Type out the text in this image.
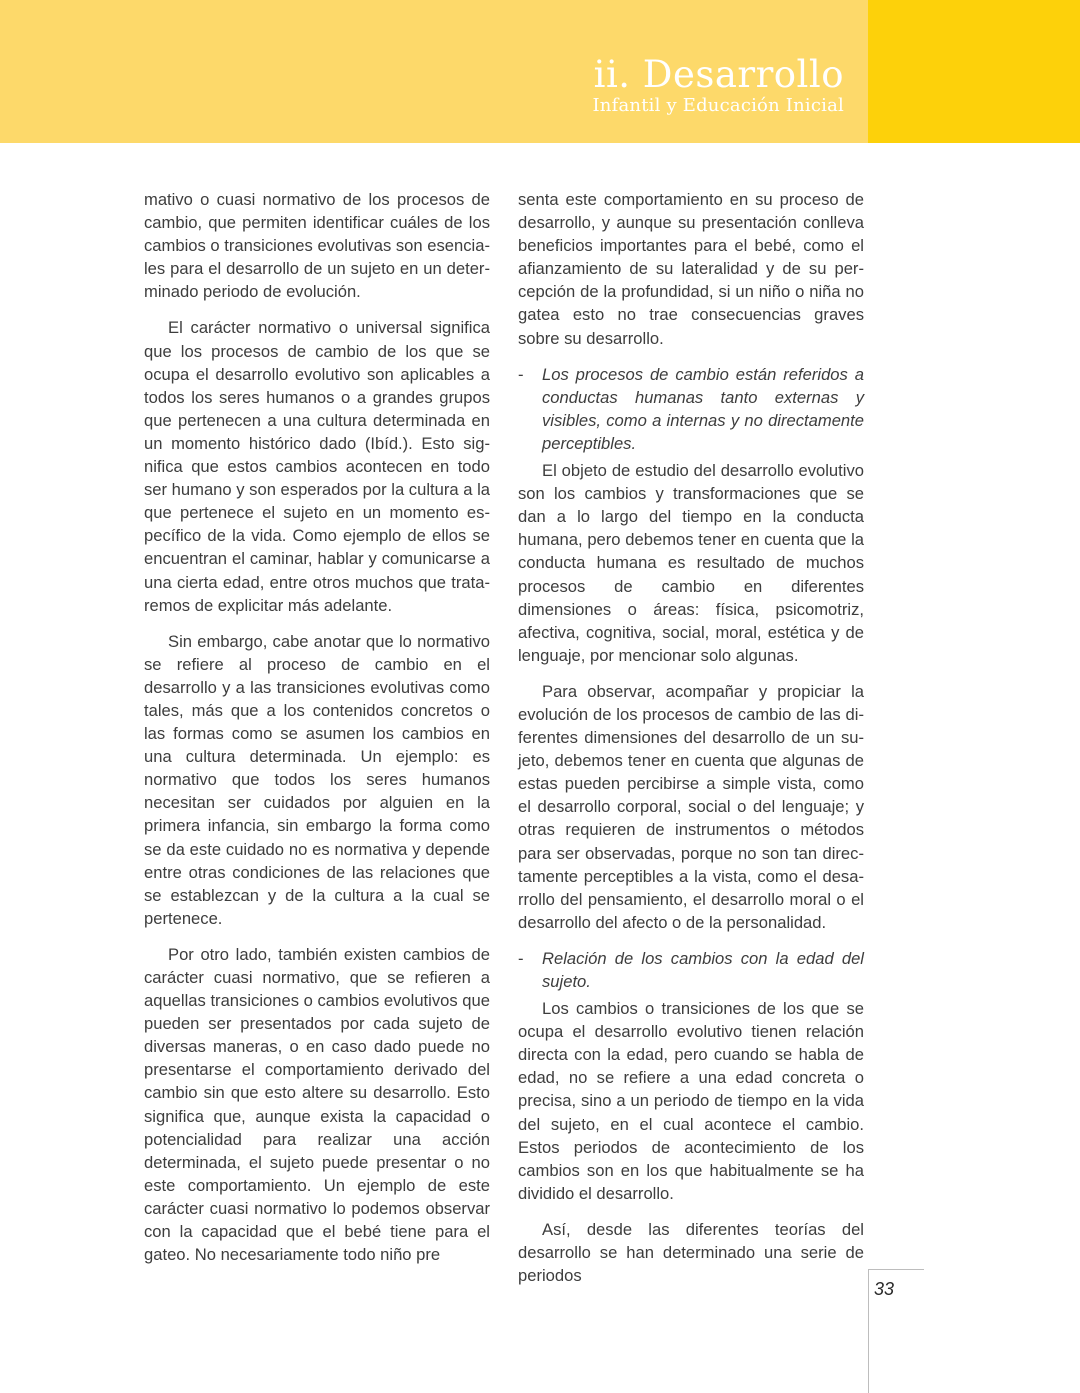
ii. Desarrollo
Infantil y Educación Inicial

mativo o cuasi normativo de los procesos de cambio, que permiten identificar cuáles de los cambios o transiciones evolutivas son esenciales para el desarrollo de un sujeto en un determinado periodo de evolución.

El carácter normativo o universal significa que los procesos de cambio de los que se ocupa el desarrollo evolutivo son aplicables a todos los seres humanos o a grandes grupos que pertenecen a una cultura determinada en un momento histórico dado (Ibíd.). Esto significa que estos cambios acontecen en todo ser humano y son esperados por la cultura a la que pertenece el sujeto en un momento específico de la vida. Como ejemplo de ellos se encuentran el caminar, hablar y comunicarse a una cierta edad, entre otros muchos que trataremos de explicitar más adelante.

Sin embargo, cabe anotar que lo normativo se refiere al proceso de cambio en el desarrollo y a las transiciones evolutivas como tales, más que a los contenidos concretos o las formas como se asumen los cambios en una cultura determinada. Un ejemplo: es normativo que todos los seres humanos necesitan ser cuidados por alguien en la primera infancia, sin embargo la forma como se da este cuidado no es normativa y depende entre otras condiciones de las relaciones que se establezcan y de la cultura a la cual se pertenece.

Por otro lado, también existen cambios de carácter cuasi normativo, que se refieren a aquellas transiciones o cambios evolutivos que pueden ser presentados por cada sujeto de diversas maneras, o en caso dado puede no presentarse el comportamiento derivado del cambio sin que esto altere su desarrollo. Esto significa que, aunque exista la capacidad o potencialidad para realizar una acción determinada, el sujeto puede presentar o no este comportamiento. Un ejemplo de este carácter cuasi normativo lo podemos observar con la capacidad que el bebé tiene para el gateo. No necesariamente todo niño pre

senta este comportamiento en su proceso de desarrollo, y aunque su presentación conlleva beneficios importantes para el bebé, como el afianzamiento de su lateralidad y de su percepción de la profundidad, si un niño o niña no gatea esto no trae consecuencias graves sobre su desarrollo.

-	Los procesos de cambio están referidos a conductas humanas tanto externas y visibles, como a internas y no directamente perceptibles.

El objeto de estudio del desarrollo evolutivo son los cambios y transformaciones que se dan a lo largo del tiempo en la conducta humana, pero debemos tener en cuenta que la conducta humana es resultado de muchos procesos de cambio en diferentes dimensiones o áreas: física, psicomotriz, afectiva, cognitiva, social, moral, estética y de lenguaje, por mencionar solo algunas.

Para observar, acompañar y propiciar la evolución de los procesos de cambio de las diferentes dimensiones del desarrollo de un sujeto, debemos tener en cuenta que algunas de estas pueden percibirse a simple vista, como el desarrollo corporal, social o del lenguaje; y otras requieren de instrumentos o métodos para ser observadas, porque no son tan directamente perceptibles a la vista, como el desarrollo del pensamiento, el desarrollo moral o el desarrollo del afecto o de la personalidad.

-	Relación de los cambios con la edad del sujeto.

Los cambios o transiciones de los que se ocupa el desarrollo evolutivo tienen relación directa con la edad, pero cuando se habla de edad, no se refiere a una edad concreta o precisa, sino a un periodo de tiempo en la vida del sujeto, en el cual acontece el cambio. Estos periodos de acontecimiento de los cambios son en los que habitualmente se ha dividido el desarrollo.

Así, desde las diferentes teorías del desarrollo se han determinado una serie de periodos

33
